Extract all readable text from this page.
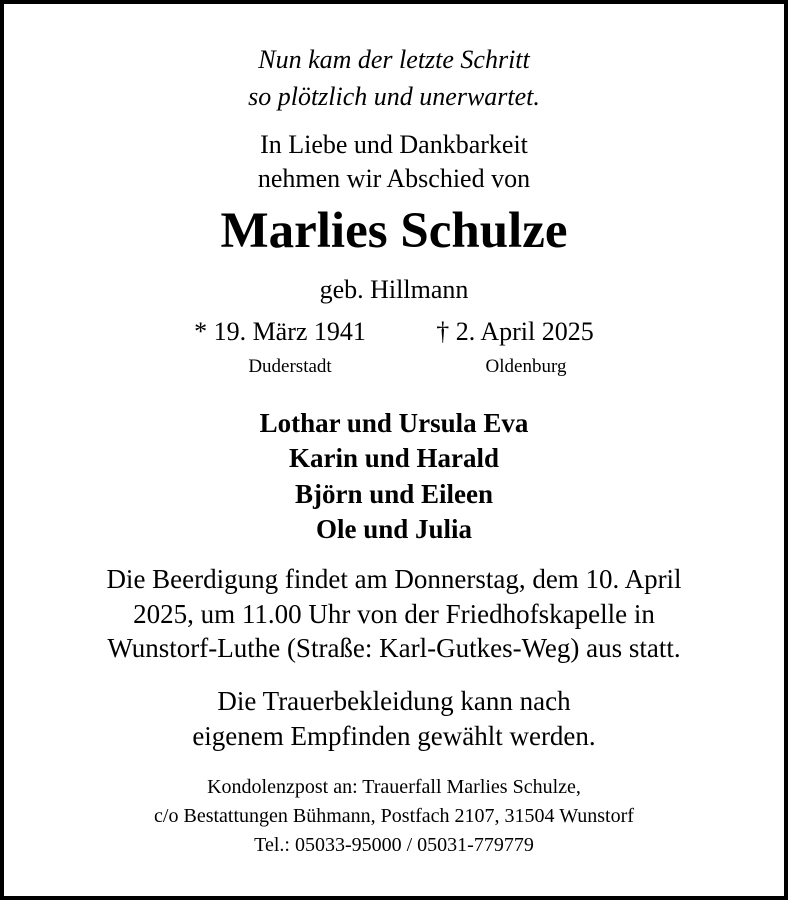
Nun kam der letzte Schritt
so plötzlich und unerwartet.
In Liebe und Dankbarkeit
nehmen wir Abschied von
Marlies Schulze
geb. Hillmann
* 19. März 1941	† 2. April 2025
Duderstadt	Oldenburg
Lothar und Ursula Eva
Karin und Harald
Björn und Eileen
Ole und Julia
Die Beerdigung findet am Donnerstag, dem 10. April
2025, um 11.00 Uhr von der Friedhofskapelle in
Wunstorf-Luthe (Straße: Karl-Gutkes-Weg) aus statt.
Die Trauerbekleidung kann nach
eigenem Empfinden gewählt werden.
Kondolenzpost an: Trauerfall Marlies Schulze,
c/o Bestattungen Bühmann, Postfach 2107, 31504 Wunstorf
Tel.: 05033-95000 / 05031-779779
